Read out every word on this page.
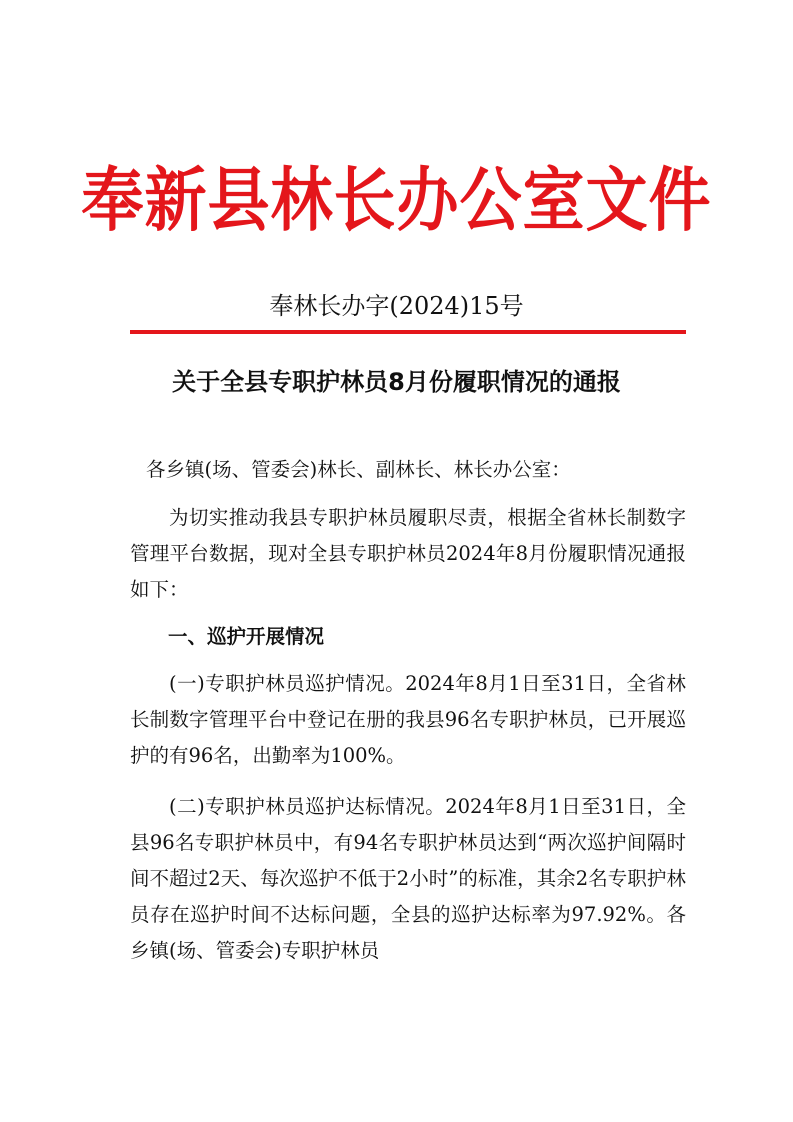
奉新县林长办公室文件
奉林长办字(2024)15号
关于全县专职护林员8月份履职情况的通报
各乡镇(场、管委会)林长、副林长、林长办公室：
为切实推动我县专职护林员履职尽责，根据全省林长制数字管理平台数据，现对全县专职护林员2024年8月份履职情况通报如下：
一、巡护开展情况
(一)专职护林员巡护情况。2024年8月1日至31日，全省林长制数字管理平台中登记在册的我县96名专职护林员，已开展巡护的有96名，出勤率为100%。
(二)专职护林员巡护达标情况。2024年8月1日至31日，全县96名专职护林员中，有94名专职护林员达到“两次巡护间隔时间不超过2天、每次巡护不低于2小时”的标准，其余2名专职护林员存在巡护时间不达标问题，全县的巡护达标率为97.92%。各乡镇(场、管委会)专职护林员
